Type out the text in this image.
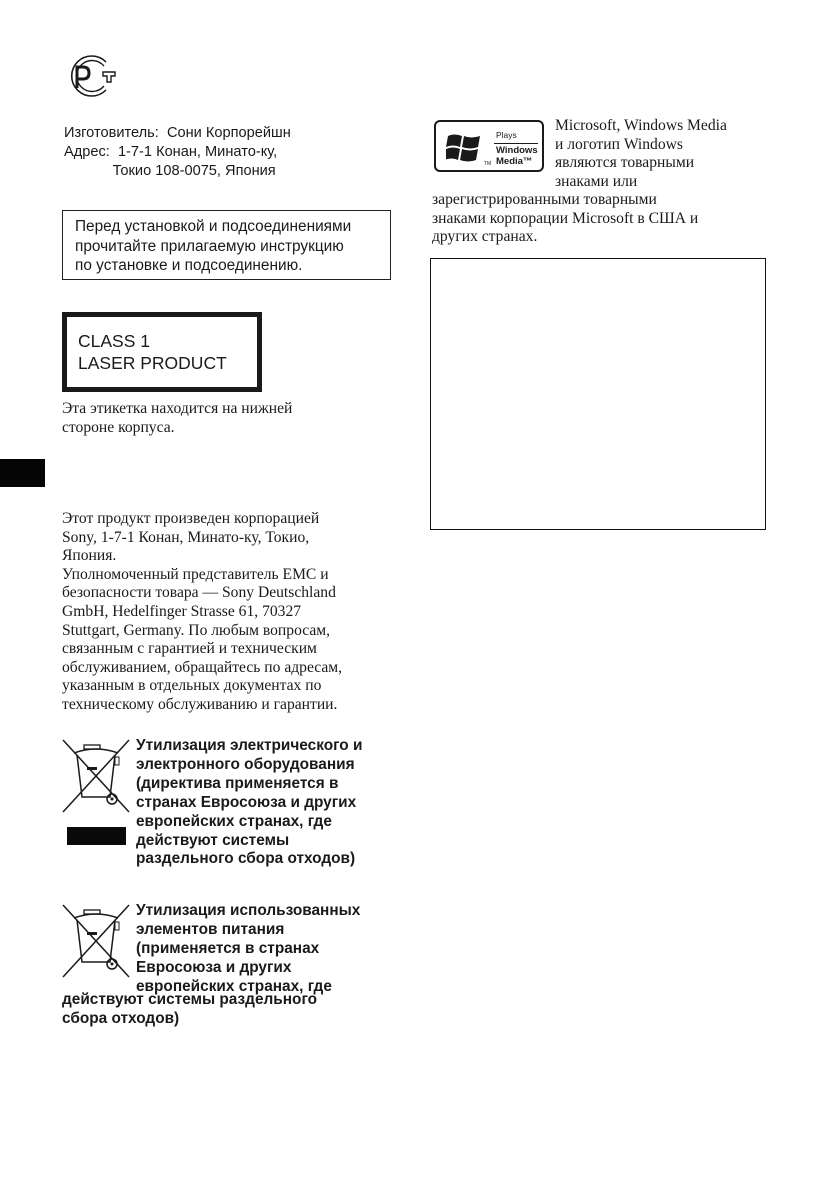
Изготовитель:  Сони Корпорейшн
Адрес:  1-7-1 Конан, Минато-ку,
Токио 108-0075, Япония
Перед установкой и подсоединениями
прочитайте прилагаемую инструкцию
по установке и подсоединению.
CLASS 1
LASER PRODUCT
Эта этикетка находится на нижней
стороне корпуса.
Этот продукт произведен корпорацией
Sony, 1-7-1 Конан, Минато-ку, Токио,
Япония.
Уполномоченный представитель EMC и
безопасности товара — Sony Deutschland
GmbH, Hedelfinger Strasse 61, 70327
Stuttgart, Germany. По любым вопросам,
связанным с гарантией и техническим
обслуживанием, обращайтесь по адресам,
указанным в отдельных документах по
техническому обслуживанию и гарантии.
Утилизация электрического и
электронного оборудования
(директива применяется в
странах Евросоюза и других
европейских странах, где
действуют системы
раздельного сбора отходов)
Утилизация использованных
элементов питания
(применяется в странах
Евросоюза и других
европейских странах, где
действуют системы раздельного
сбора отходов)
TM
Plays
Windows
Media™
Microsoft, Windows Media
и логотип Windows
являются товарными
знаками или
зарегистрированными товарными
знаками корпорации Microsoft в США и
других странах.
